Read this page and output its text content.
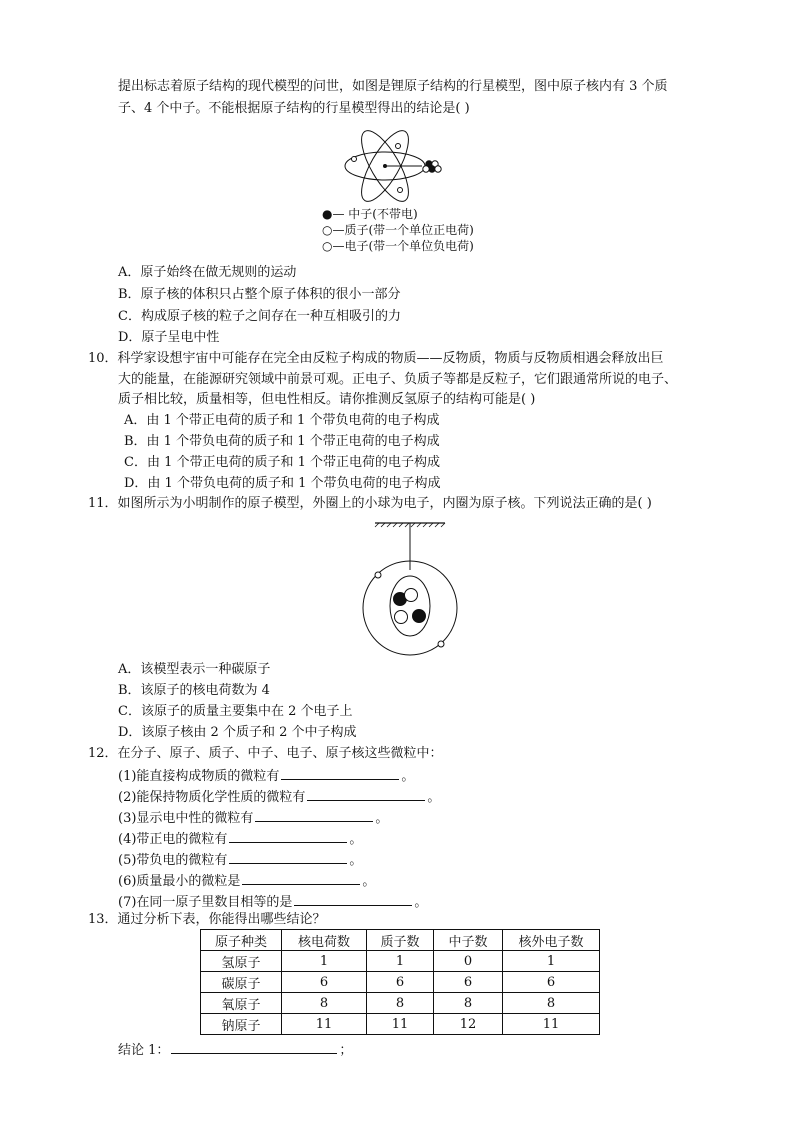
提出标志着原子结构的现代模型的问世，如图是锂原子结构的行星模型，图中原子核内有 3 个质
子、4 个中子。不能根据原子结构的行星模型得出的结论是( )
●— 中子(不带电)
○—质子(带一个单位正电荷)
○—电子(带一个单位负电荷)
A．原子始终在做无规则的运动
B．原子核的体积只占整个原子体积的很小一部分
C．构成原子核的粒子之间存在一种互相吸引的力
D．原子呈电中性
10．科学家设想宇宙中可能存在完全由反粒子构成的物质——反物质，物质与反物质相遇会释放出巨
大的能量，在能源研究领域中前景可观。正电子、负质子等都是反粒子，它们跟通常所说的电子、
质子相比较，质量相等，但电性相反。请你推测反氢原子的结构可能是( )
A．由 1 个带正电荷的质子和 1 个带负电荷的电子构成
B．由 1 个带负电荷的质子和 1 个带正电荷的电子构成
C．由 1 个带正电荷的质子和 1 个带正电荷的电子构成
D．由 1 个带负电荷的质子和 1 个带负电荷的电子构成
11．如图所示为小明制作的原子模型，外圈上的小球为电子，内圈为原子核。下列说法正确的是( )
A．该模型表示一种碳原子
B．该原子的核电荷数为 4
C．该原子的质量主要集中在 2 个电子上
D．该原子核由 2 个质子和 2 个中子构成
12．在分子、原子、质子、中子、电子、原子核这些微粒中：
(1)能直接构成物质的微粒有	。
(2)能保持物质化学性质的微粒有	。
(3)显示电中性的微粒有	。
(4)带正电的微粒有	。
(5)带负电的微粒有	。
(6)质量最小的微粒是	。
(7)在同一原子里数目相等的是	。
13．通过分析下表，你能得出哪些结论？
原子种类	核电荷数	质子数	中子数	核外电子数
氢原子	1	1	0	1
碳原子	6	6	6	6
氧原子	8	8	8	8
钠原子	11	11	12	11
结论 1：	；
